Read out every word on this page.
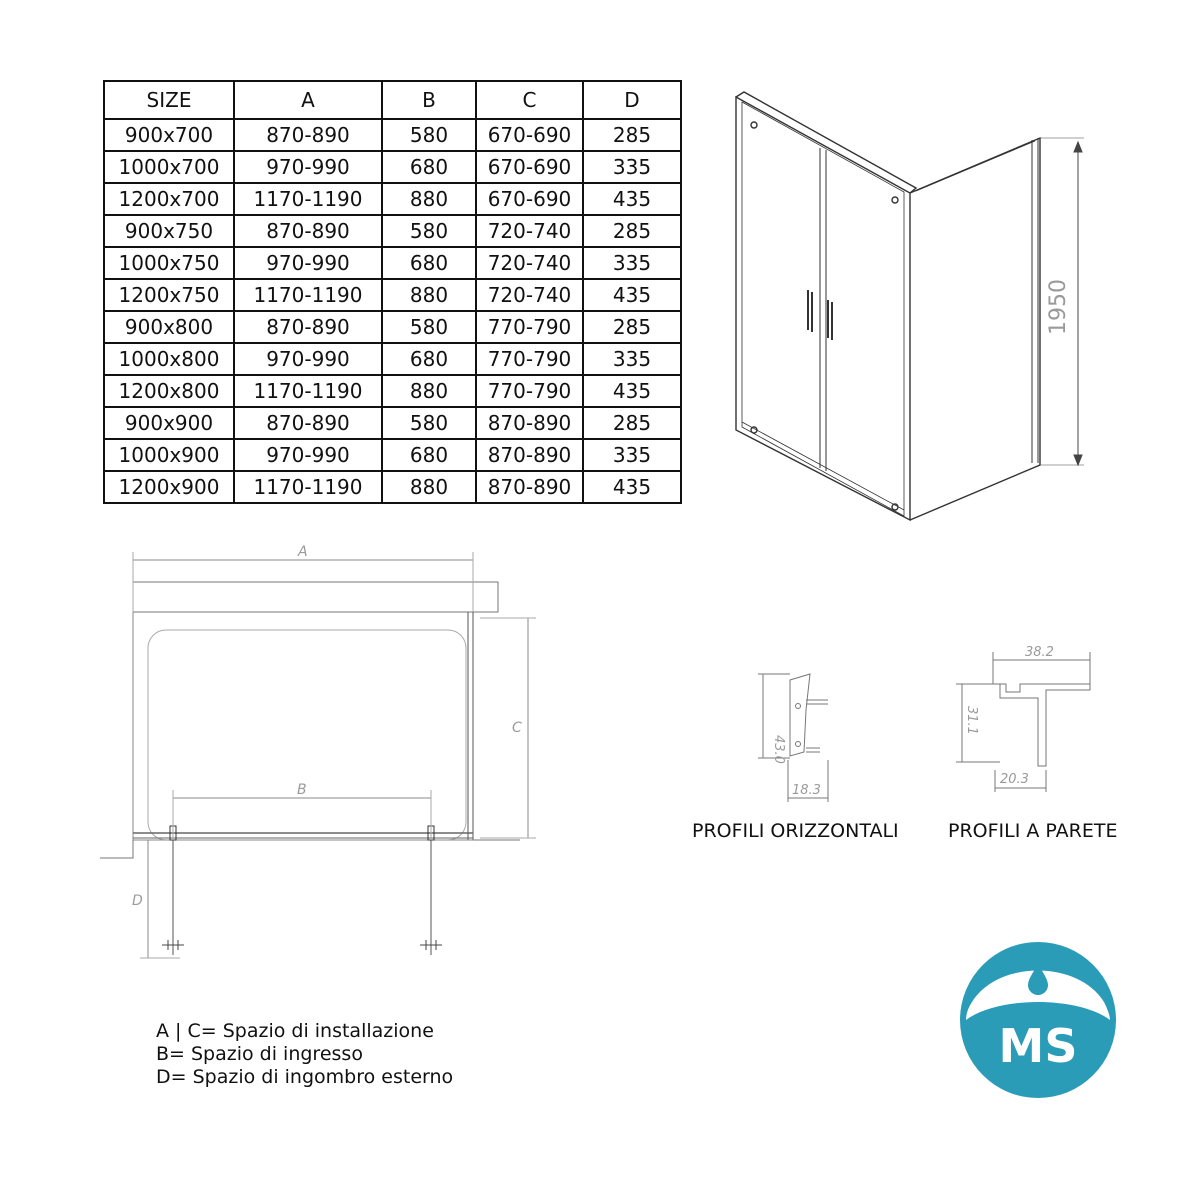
SIZE	A	B	C	D
900x700	870-890	580	670-690	285
1000x700	970-990	680	670-690	335
1200x700	1170-1190	880	670-690	435
900x750	870-890	580	720-740	285
1000x750	970-990	680	720-740	335
1200x750	1170-1190	880	720-740	435
900x800	870-890	580	770-790	285
1000x800	970-990	680	770-790	335
1200x800	1170-1190	880	770-790	435
900x900	870-890	580	870-890	285
1000x900	970-990	680	870-890	335
1200x900	1170-1190	880	870-890	435
1950
A
B
C
D
43.0
18.3
PROFILI ORIZZONTALI
38.2
31.1
20.3
PROFILI A PARETE
A | C= Spazio di installazione
B= Spazio di ingresso
D= Spazio di ingombro esterno
MS
